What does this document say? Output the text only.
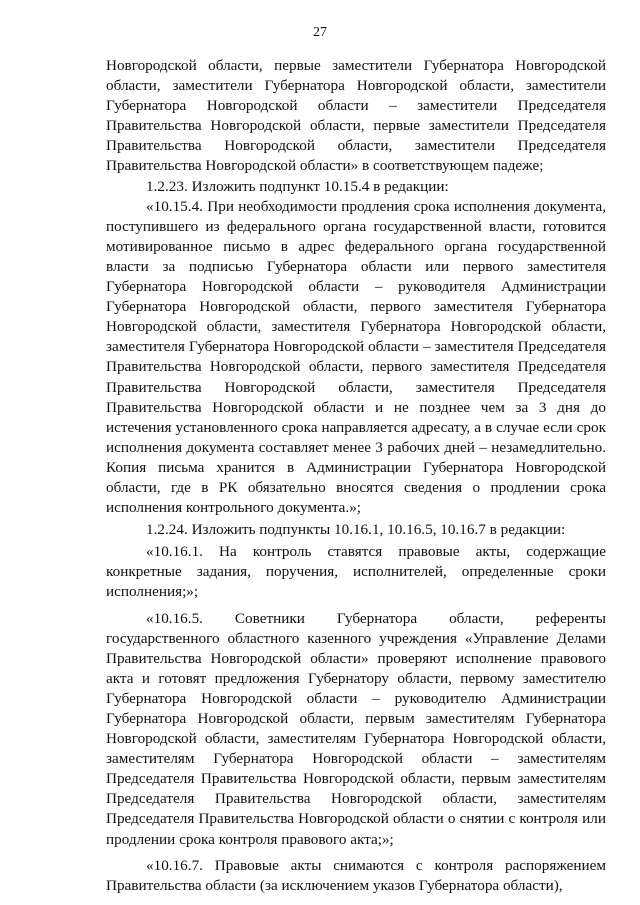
27

Новгородской области, первые заместители Губернатора Новгородской области, заместители Губернатора Новгородской области, заместители Губернатора Новгородской области – заместители Председателя Правительства Новгородской области, первые заместители Председателя Правительства Новгородской области, заместители Председателя Правительства Новгородской области» в соответствующем падеже;

1.2.23. Изложить подпункт 10.15.4 в редакции:

«10.15.4. При необходимости продления срока исполнения документа, поступившего из федерального органа государственной власти, готовится мотивированное письмо в адрес федерального органа государственной власти за подписью Губернатора области или первого заместителя Губернатора Новгородской области – руководителя Администрации Губернатора Новгородской области, первого заместителя Губернатора Новгородской области, заместителя Губернатора Новгородской области, заместителя Губернатора Новгородской области – заместителя Председателя Правительства Новгородской области, первого заместителя Председателя Правительства Новгородской области, заместителя Председателя Правительства Новгородской области и не позднее чем за 3 дня до истечения установленного срока направляется адресату, а в случае если срок исполнения документа составляет менее 3 рабочих дней – незамедлительно. Копия письма хранится в Администрации Губернатора Новгородской области, где в РК обязательно вносятся сведения о продлении срока исполнения контрольного документа.»;

1.2.24. Изложить подпункты 10.16.1, 10.16.5, 10.16.7 в редакции:

«10.16.1. На контроль ставятся правовые акты, содержащие конкретные задания, поручения, исполнителей, определенные сроки исполнения;»;

«10.16.5. Советники Губернатора области, референты государственного областного казенного учреждения «Управление Делами Правительства Новгородской области» проверяют исполнение правового акта и готовят предложения Губернатору области, первому заместителю Губернатора Новгородской области – руководителю Администрации Губернатора Новгородской области, первым заместителям Губернатора Новгородской области, заместителям Губернатора Новгородской области, заместителям Губернатора Новгородской области – заместителям Председателя Правительства Новгородской области, первым заместителям Председателя Правительства Новгородской области, заместителям Председателя Правительства Новгородской области о снятии с контроля или продлении срока контроля правового акта;»;

«10.16.7. Правовые акты снимаются с контроля распоряжением Правительства области (за исключением указов Губернатора области),
